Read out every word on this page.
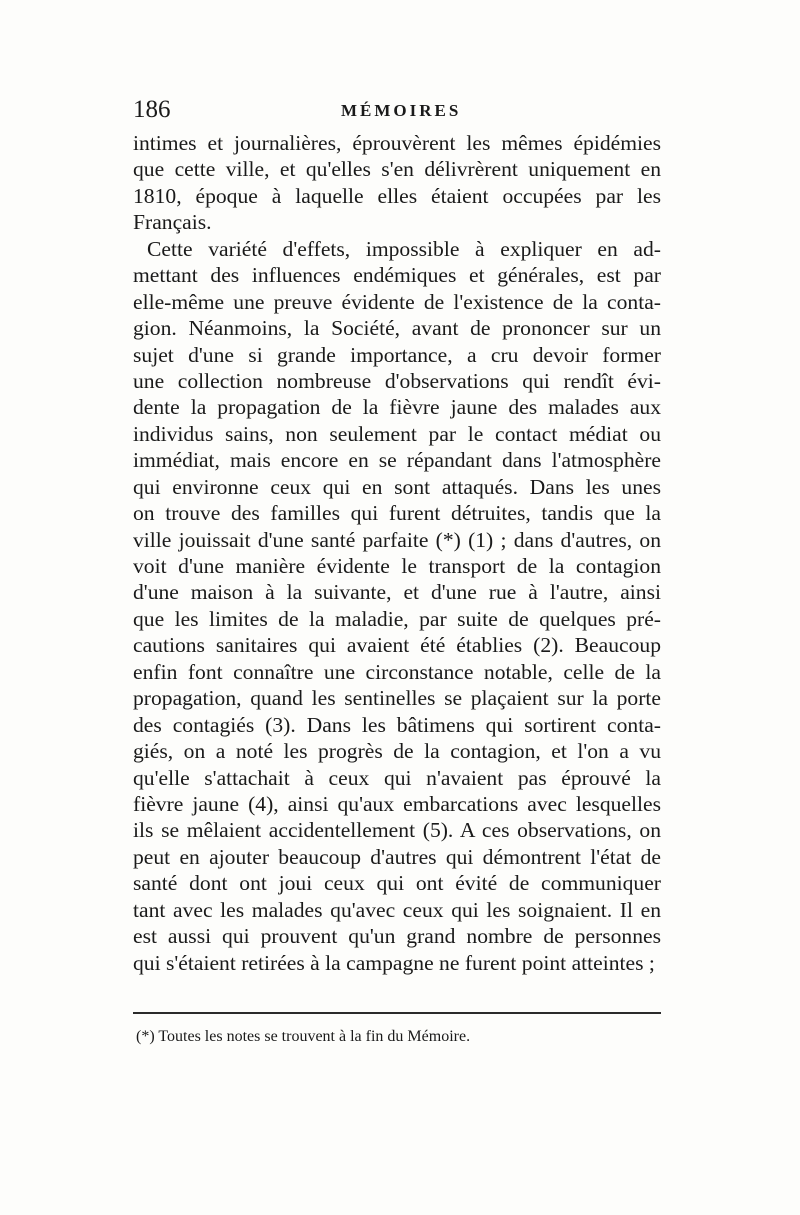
186	MÉMOIRES
intimes et journalières, éprouvèrent les mêmes épidémies
que cette ville, et qu'elles s'en délivrèrent uniquement en
1810, époque à laquelle elles étaient occupées par les
Français.
Cette variété d'effets, impossible à expliquer en ad-
mettant des influences endémiques et générales, est par
elle-même une preuve évidente de l'existence de la conta-
gion. Néanmoins, la Société, avant de prononcer sur un
sujet d'une si grande importance, a cru devoir former
une collection nombreuse d'observations qui rendît évi-
dente la propagation de la fièvre jaune des malades aux
individus sains, non seulement par le contact médiat ou
immédiat, mais encore en se répandant dans l'atmosphère
qui environne ceux qui en sont attaqués. Dans les unes
on trouve des familles qui furent détruites, tandis que la
ville jouissait d'une santé parfaite (*) (1) ; dans d'autres, on
voit d'une manière évidente le transport de la contagion
d'une maison à la suivante, et d'une rue à l'autre, ainsi
que les limites de la maladie, par suite de quelques pré-
cautions sanitaires qui avaient été établies (2). Beaucoup
enfin font connaître une circonstance notable, celle de la
propagation, quand les sentinelles se plaçaient sur la porte
des contagiés (3). Dans les bâtimens qui sortirent conta-
giés, on a noté les progrès de la contagion, et l'on a vu
qu'elle s'attachait à ceux qui n'avaient pas éprouvé la
fièvre jaune (4), ainsi qu'aux embarcations avec lesquelles
ils se mêlaient accidentellement (5). A ces observations, on
peut en ajouter beaucoup d'autres qui démontrent l'état de
santé dont ont joui ceux qui ont évité de communiquer
tant avec les malades qu'avec ceux qui les soignaient. Il en
est aussi qui prouvent qu'un grand nombre de personnes
qui s'étaient retirées à la campagne ne furent point atteintes ;
(*) Toutes les notes se trouvent à la fin du Mémoire.
